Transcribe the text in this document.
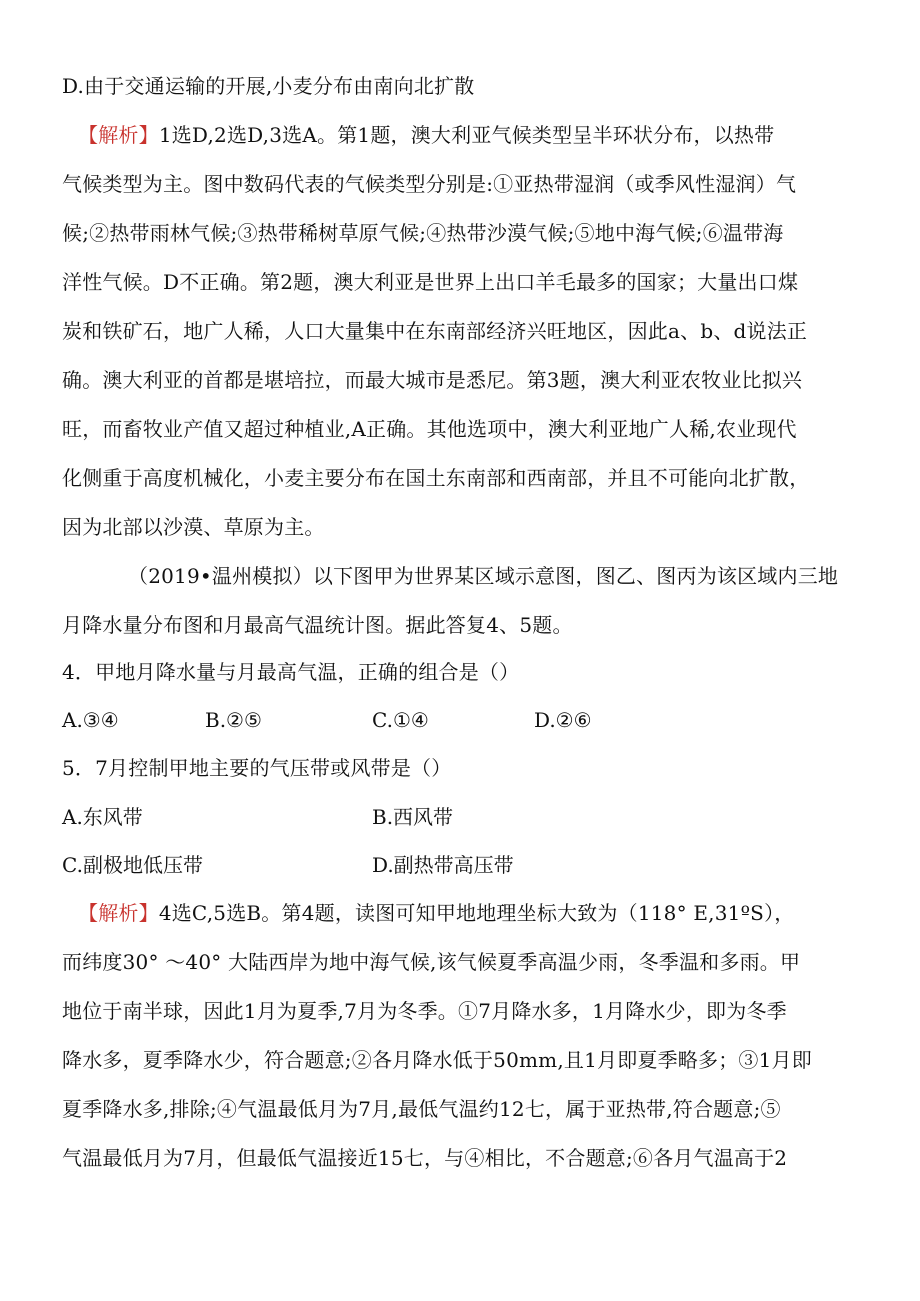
D.由于交通运输的开展,小麦分布由南向北扩散
【解析】1选D,2选D,3选A。第1题，澳大利亚气候类型呈半环状分布，以热带
气候类型为主。图中数码代表的气候类型分别是:①亚热带湿润（或季风性湿润）气
候;②热带雨林气候;③热带稀树草原气候;④热带沙漠气候;⑤地中海气候;⑥温带海
洋性气候。D不正确。第2题，澳大利亚是世界上出口羊毛最多的国家；大量出口煤
炭和铁矿石，地广人稀，人口大量集中在东南部经济兴旺地区，因此a、b、d说法正
确。澳大利亚的首都是堪培拉，而最大城市是悉尼。第3题，澳大利亚农牧业比拟兴
旺，而畜牧业产值又超过种植业,A正确。其他选项中，澳大利亚地广人稀,农业现代
化侧重于高度机械化，小麦主要分布在国土东南部和西南部，并且不可能向北扩散，
因为北部以沙漠、草原为主。
（2019•温州模拟）以下图甲为世界某区域示意图，图乙、图丙为该区域内三地
月降水量分布图和月最高气温统计图。据此答复4、5题。
4．甲地月降水量与月最高气温，正确的组合是（）
A.③④	B.②⑤	C.①④	D.②⑥
5．7月控制甲地主要的气压带或风带是（）
A.东风带	B.西风带
C.副极地低压带	D.副热带高压带
【解析】4选C,5选B。第4题，读图可知甲地地理坐标大致为（118° E,31ºS），
而纬度30° ～40° 大陆西岸为地中海气候,该气候夏季高温少雨，冬季温和多雨。甲
地位于南半球，因此1月为夏季,7月为冬季。①7月降水多，1月降水少，即为冬季
降水多，夏季降水少，符合题意;②各月降水低于50mm,且1月即夏季略多；③1月即
夏季降水多,排除;④气温最低月为7月,最低气温约12七，属于亚热带,符合题意;⑤
气温最低月为7月，但最低气温接近15七，与④相比，不合题意;⑥各月气温高于2
